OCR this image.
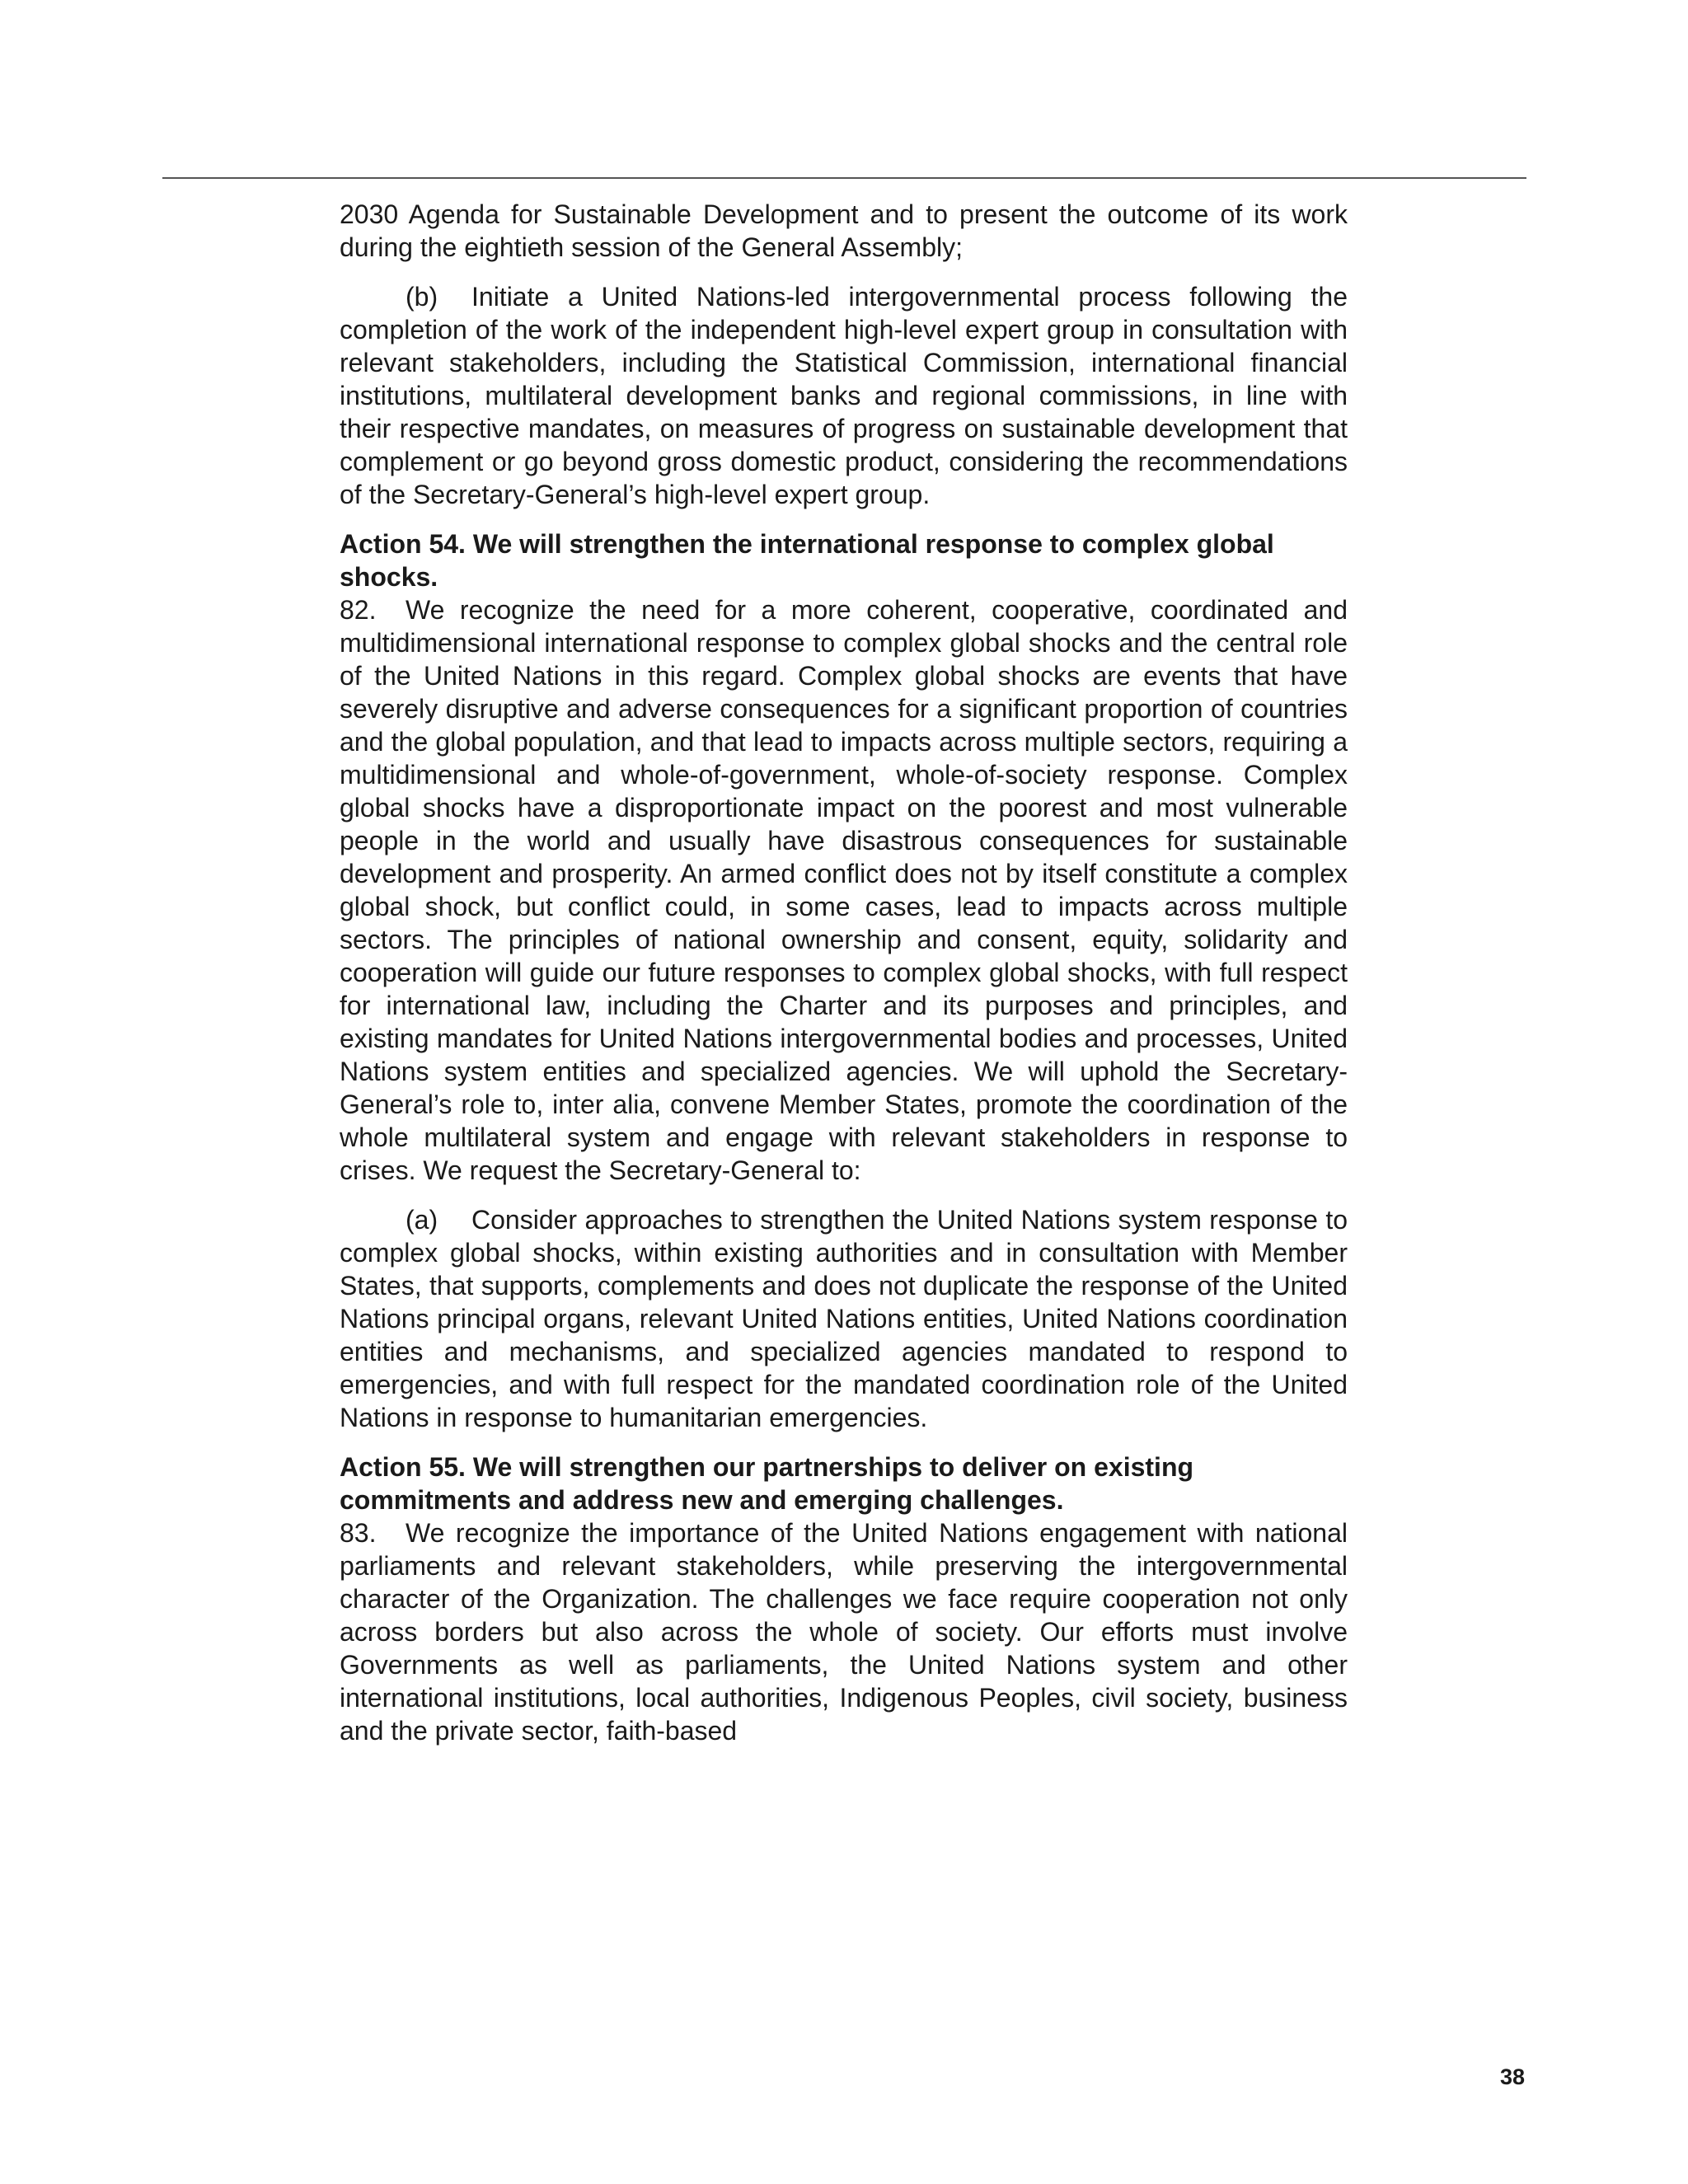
2030 Agenda for Sustainable Development and to present the outcome of its work during the eightieth session of the General Assembly;

(b) Initiate a United Nations-led intergovernmental process following the completion of the work of the independent high-level expert group in consultation with relevant stakeholders, including the Statistical Commission, international financial institutions, multilateral development banks and regional commissions, in line with their respective mandates, on measures of progress on sustainable development that complement or go beyond gross domestic product, considering the recommendations of the Secretary-General’s high-level expert group.

Action 54. We will strengthen the international response to complex global shocks.

82. We recognize the need for a more coherent, cooperative, coordinated and multidimensional international response to complex global shocks and the central role of the United Nations in this regard. Complex global shocks are events that have severely disruptive and adverse consequences for a significant proportion of countries and the global population, and that lead to impacts across multiple sectors, requiring a multidimensional and whole-of-government, whole-of-society response. Complex global shocks have a disproportionate impact on the poorest and most vulnerable people in the world and usually have disastrous consequences for sustainable development and prosperity. An armed conflict does not by itself constitute a complex global shock, but conflict could, in some cases, lead to impacts across multiple sectors. The principles of national ownership and consent, equity, solidarity and cooperation will guide our future responses to complex global shocks, with full respect for international law, including the Charter and its purposes and principles, and existing mandates for United Nations intergovernmental bodies and processes, United Nations system entities and specialized agencies. We will uphold the Secretary-General’s role to, inter alia, convene Member States, promote the coordination of the whole multilateral system and engage with relevant stakeholders in response to crises. We request the Secretary-General to:

(a) Consider approaches to strengthen the United Nations system response to complex global shocks, within existing authorities and in consultation with Member States, that supports, complements and does not duplicate the response of the United Nations principal organs, relevant United Nations entities, United Nations coordination entities and mechanisms, and specialized agencies mandated to respond to emergencies, and with full respect for the mandated coordination role of the United Nations in response to humanitarian emergencies.

Action 55. We will strengthen our partnerships to deliver on existing commitments and address new and emerging challenges.

83. We recognize the importance of the United Nations engagement with national parliaments and relevant stakeholders, while preserving the intergovernmental character of the Organization. The challenges we face require cooperation not only across borders but also across the whole of society. Our efforts must involve Governments as well as parliaments, the United Nations system and other international institutions, local authorities, Indigenous Peoples, civil society, business and the private sector, faith-based

38
